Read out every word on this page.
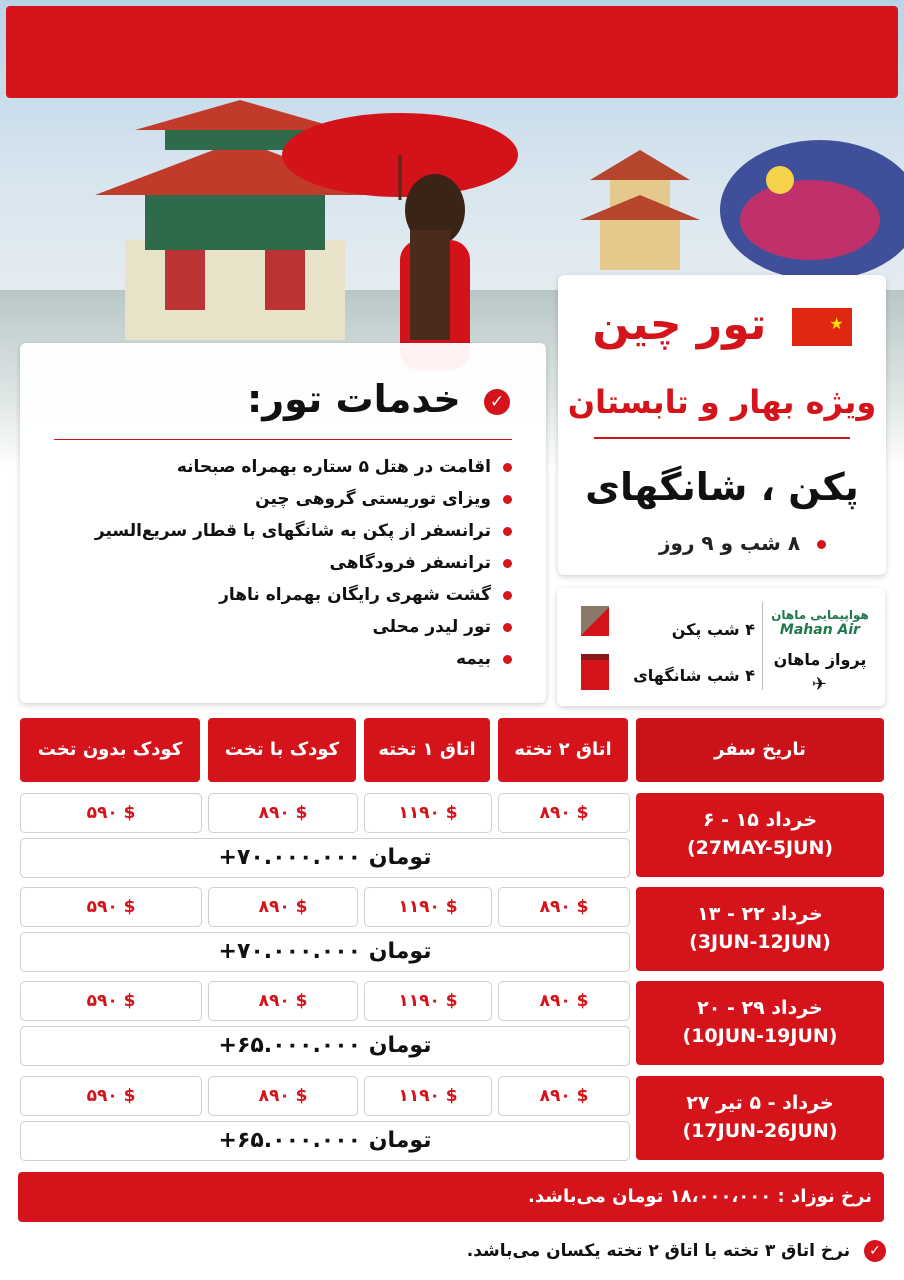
★
تور چین
ویژه بهار و تابستان
پکن ، شانگهای
۸ شب و ۹ روز
✓ خدمات تور:
اقامت در هتل ۵ ستاره بهمراه صبحانه
ویزای توریستی گروهی چین
ترانسفر از پکن به شانگهای با قطار سریع‌السیر
ترانسفر فرودگاهی
گشت شهری رایگان بهمراه ناهار
تور لیدر محلی
بیمه
هواپیمایی ماهان
Mahan Air
پرواز ماهان
✈
۴ شب پکن
۴ شب شانگهای
تاریخ سفر
اتاق ۲ تخته
اتاق ۱ تخته
کودک با تخت
کودک بدون تخت
۶ - ۱۵ خرداد
(27MAY-5JUN)
۸۹۰ $
۱۱۹۰ $
۸۹۰ $
۵۹۰ $
+۷۰.۰۰۰.۰۰۰ تومان
۱۳ - ۲۲ خرداد
(3JUN-12JUN)
۸۹۰ $
۱۱۹۰ $
۸۹۰ $
۵۹۰ $
+۷۰.۰۰۰.۰۰۰ تومان
۲۰ - ۲۹ خرداد
(10JUN-19JUN)
۸۹۰ $
۱۱۹۰ $
۸۹۰ $
۵۹۰ $
+۶۵.۰۰۰.۰۰۰ تومان
۲۷ خرداد - ۵ تیر
(17JUN-26JUN)
۸۹۰ $
۱۱۹۰ $
۸۹۰ $
۵۹۰ $
+۶۵.۰۰۰.۰۰۰ تومان
نرخ نوزاد : ۱۸،۰۰۰،۰۰۰ تومان می‌باشد.
✓ نرخ اتاق ۳ تخته با اتاق ۲ تخته یکسان می‌باشد.
